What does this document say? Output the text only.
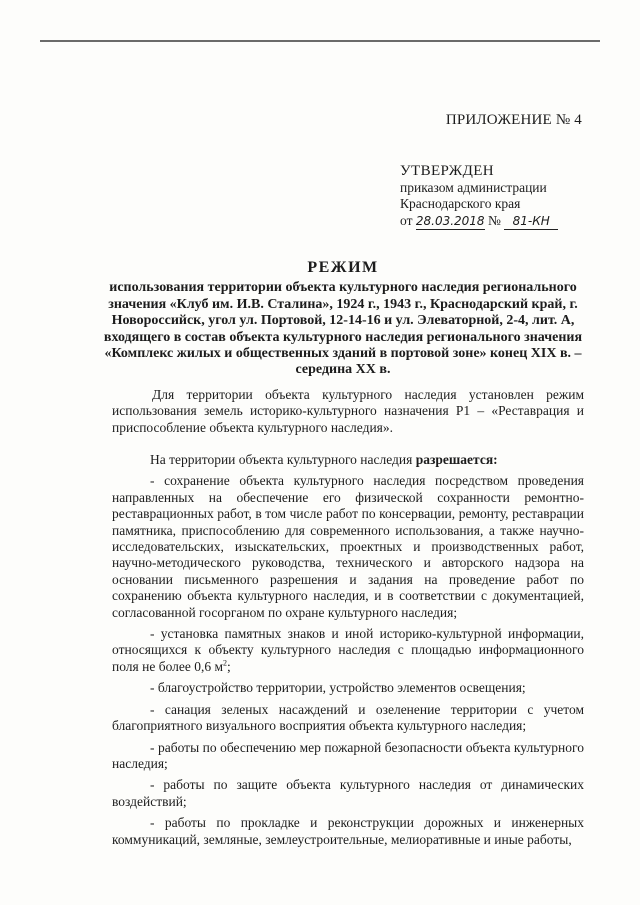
ПРИЛОЖЕНИЕ № 4
УТВЕРЖДЕН
приказом администрации
Краснодарского края
от 28.03.2018 № 81-КН
РЕЖИМ
использования территории объекта культурного наследия регионального значения «Клуб им. И.В. Сталина», 1924 г., 1943 г., Краснодарский край, г. Новороссийск, угол ул. Портовой, 12-14-16 и ул. Элеваторной, 2-4, лит. А, входящего в состав объекта культурного наследия регионального значения «Комплекс жилых и общественных зданий в портовой зоне» конец XIX в. – середина XX в.
Для территории объекта культурного наследия установлен режим использования земель историко-культурного назначения Р1 – «Реставрация и приспособление объекта культурного наследия».

На территории объекта культурного наследия разрешается:

- сохранение объекта культурного наследия посредством проведения направленных на обеспечение его физической сохранности ремонтно-реставрационных работ, в том числе работ по консервации, ремонту, реставрации памятника, приспособлению для современного использования, а также научно-исследовательских, изыскательских, проектных и производственных работ, научно-методического руководства, технического и авторского надзора на основании письменного разрешения и задания на проведение работ по сохранению объекта культурного наследия, и в соответствии с документацией, согласованной госорганом по охране культурного наследия;

- установка памятных знаков и иной историко-культурной информации, относящихся к объекту культурного наследия с площадью информационного поля не более 0,6 $м^2$;

- благоустройство территории, устройство элементов освещения;

- санация зеленых насаждений и озеленение территории с учетом благоприятного визуального восприятия объекта культурного наследия;

- работы по обеспечению мер пожарной безопасности объекта культурного наследия;

- работы по защите объекта культурного наследия от динамических воздействий;

- работы по прокладке и реконструкции дорожных и инженерных коммуникаций, земляные, землеустроительные, мелиоративные и иные работы,
